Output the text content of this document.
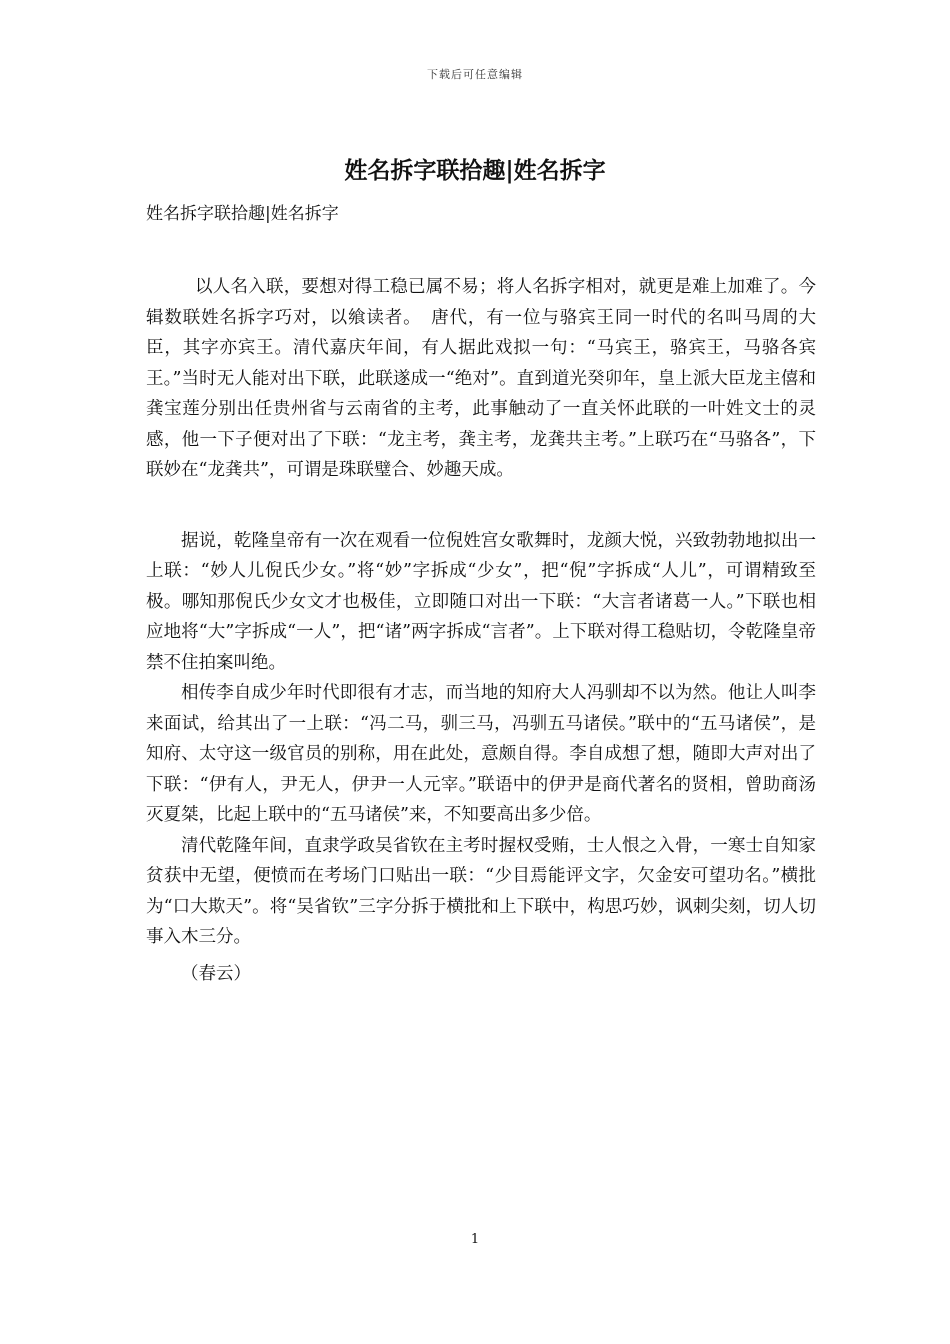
下载后可任意编辑
姓名拆字联拾趣|姓名拆字

姓名拆字联拾趣|姓名拆字

以人名入联，要想对得工稳已属不易；将人名拆字相对，就更是难上加难了。今辑数联姓名拆字巧对，以飨读者。　唐代，有一位与骆宾王同一时代的名叫马周的大臣，其字亦宾王。清代嘉庆年间，有人据此戏拟一句：“马宾王，骆宾王，马骆各宾王。”当时无人能对出下联，此联遂成一“绝对”。直到道光癸卯年，皇上派大臣龙主僖和龚宝莲分别出任贵州省与云南省的主考，此事触动了一直关怀此联的一叶姓文士的灵感，他一下子便对出了下联：“龙主考，龚主考，龙龚共主考。”上联巧在“马骆各”，下联妙在“龙龚共”，可谓是珠联璧合、妙趣天成。

据说，乾隆皇帝有一次在观看一位倪姓宫女歌舞时，龙颜大悦，兴致勃勃地拟出一上联：“妙人儿倪氏少女。”将“妙”字拆成“少女”，把“倪”字拆成“人儿”，可谓精致至极。哪知那倪氏少女文才也极佳，立即随口对出一下联：“大言者诸葛一人。”下联也相应地将“大”字拆成“一人”，把“诸”两字拆成“言者”。上下联对得工稳贴切，令乾隆皇帝禁不住拍案叫绝。

相传李自成少年时代即很有才志，而当地的知府大人冯驯却不以为然。他让人叫李来面试，给其出了一上联：“冯二马，驯三马，冯驯五马诸侯。”联中的“五马诸侯”，是知府、太守这一级官员的别称，用在此处，意颇自得。李自成想了想，随即大声对出了下联：“伊有人，尹无人，伊尹一人元宰。”联语中的伊尹是商代著名的贤相，曾助商汤灭夏桀，比起上联中的“五马诸侯”来，不知要高出多少倍。

清代乾隆年间，直隶学政吴省钦在主考时握权受贿，士人恨之入骨，一寒士自知家贫获中无望，便愤而在考场门口贴出一联：“少目焉能评文字，欠金安可望功名。”横批为“口大欺天”。将“吴省钦”三字分拆于横批和上下联中，构思巧妙，讽刺尖刻，切人切事入木三分。

（春云）

1
